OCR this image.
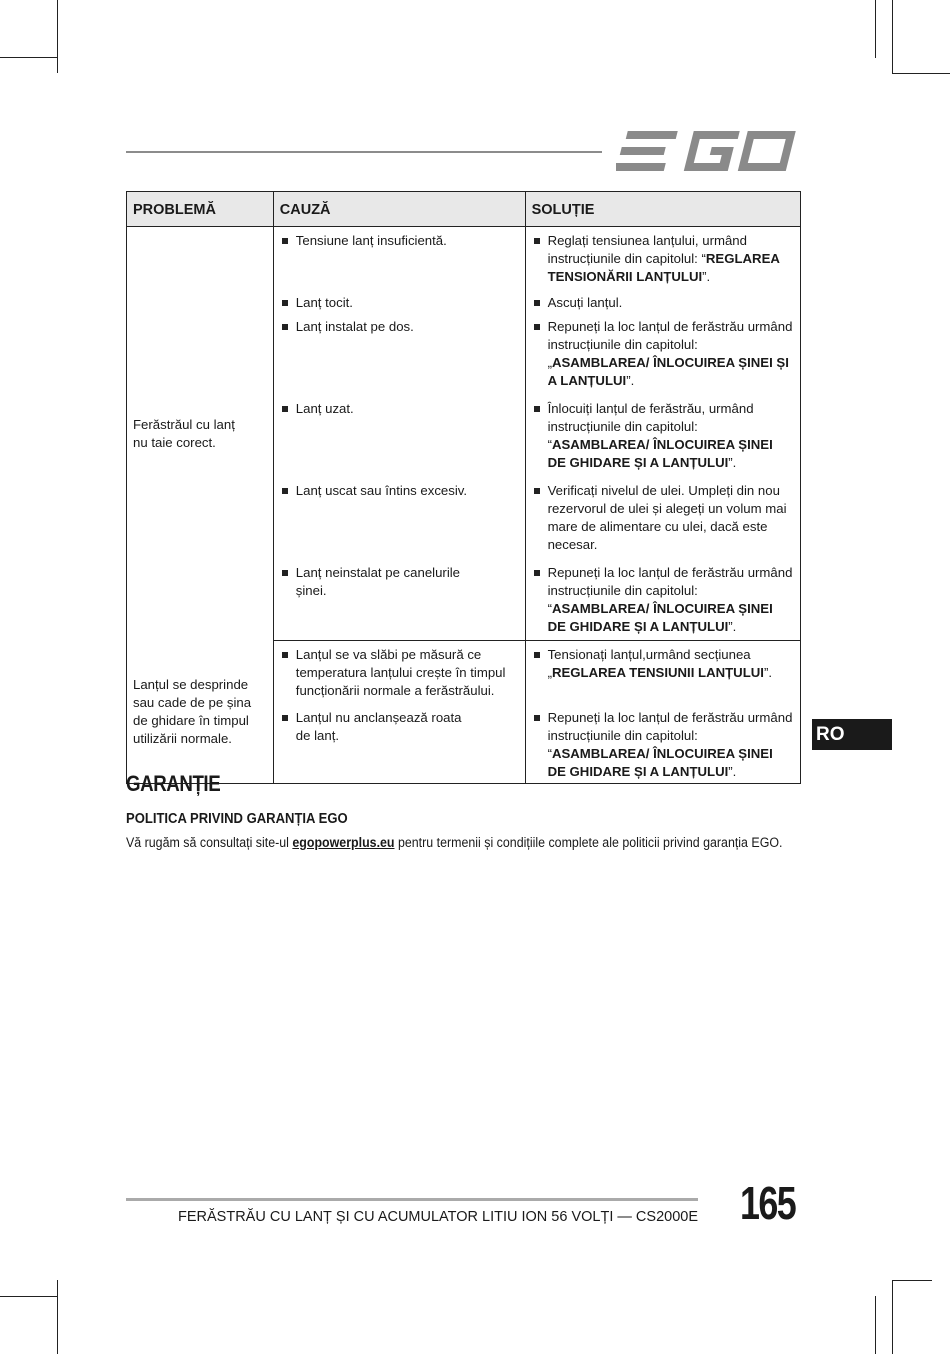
PROBLEMĂ	CAUZĂ	SOLUȚIE
Ferăstrăul cu lanț nu taie corect.	Tensiune lanț insuficientă.	Reglați tensiunea lanțului, urmând instrucțiunile din capitolul: “REGLAREA TENSIONĂRII LANȚULUI”.

	Lanț tocit.	Ascuți lanțul.

	Lanț instalat pe dos.	Repuneți la loc lanțul de ferăstrău urmând instrucțiunile din capitolul: „ASAMBLAREA/ ÎNLOCUIREA ȘINEI ȘI A LANȚULUI”.

	Lanț uzat.	Înlocuiți lanțul de ferăstrău, urmând instrucțiunile din capitolul: “ASAMBLAREA/ ÎNLOCUIREA ȘINEI DE GHIDARE ȘI A LANȚULUI”.

	Lanț uscat sau întins excesiv.	Verificați nivelul de ulei. Umpleți din nou rezervorul de ulei și alegeți un volum mai mare de alimentare cu ulei, dacă este necesar.

	Lanț neinstalat pe canelurile șinei.	Repuneți la loc lanțul de ferăstrău urmând instrucțiunile din capitolul: “ASAMBLAREA/ ÎNLOCUIREA ȘINEI DE GHIDARE ȘI A LANȚULUI”.

Lanțul se desprinde sau cade de pe șina de ghidare în timpul utilizării normale.	Lanțul se va slăbi pe măsură ce temperatura lanțului crește în timpul funcționării normale a ferăstrăului.	Tensionați lanțul,urmând secțiunea „REGLAREA TENSIUNII LANȚULUI”.

	Lanțul nu anclanșează roata de lanț.	Repuneți la loc lanțul de ferăstrău urmând instrucțiunile din capitolul: “ASAMBLAREA/ ÎNLOCUIREA ȘINEI DE GHIDARE ȘI A LANȚULUI”.
RO
GARANȚIE
POLITICA PRIVIND GARANȚIA EGO
Vă rugăm să consultați site-ul egopowerplus.eu pentru termenii și condițiile complete ale politicii privind garanția EGO.
FERĂSTRĂU CU LANȚ ȘI CU ACUMULATOR LITIU ION 56 VOLȚI — CS2000E 165
